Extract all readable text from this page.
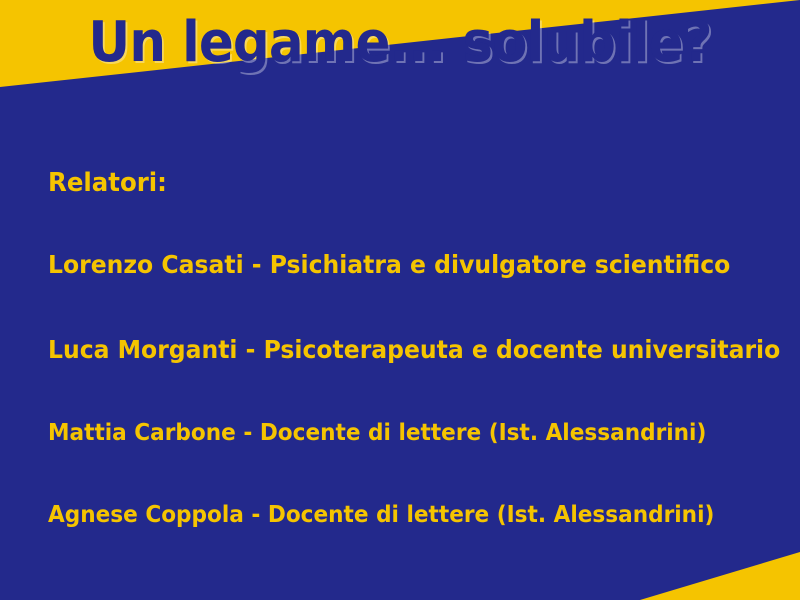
Un legame... solubile?

Relatori:

Lorenzo Casati - Psichiatra e divulgatore scientifico

Luca Morganti - Psicoterapeuta e docente universitario

Mattia Carbone - Docente di lettere (Ist. Alessandrini)

Agnese Coppola - Docente di lettere (Ist. Alessandrini)
